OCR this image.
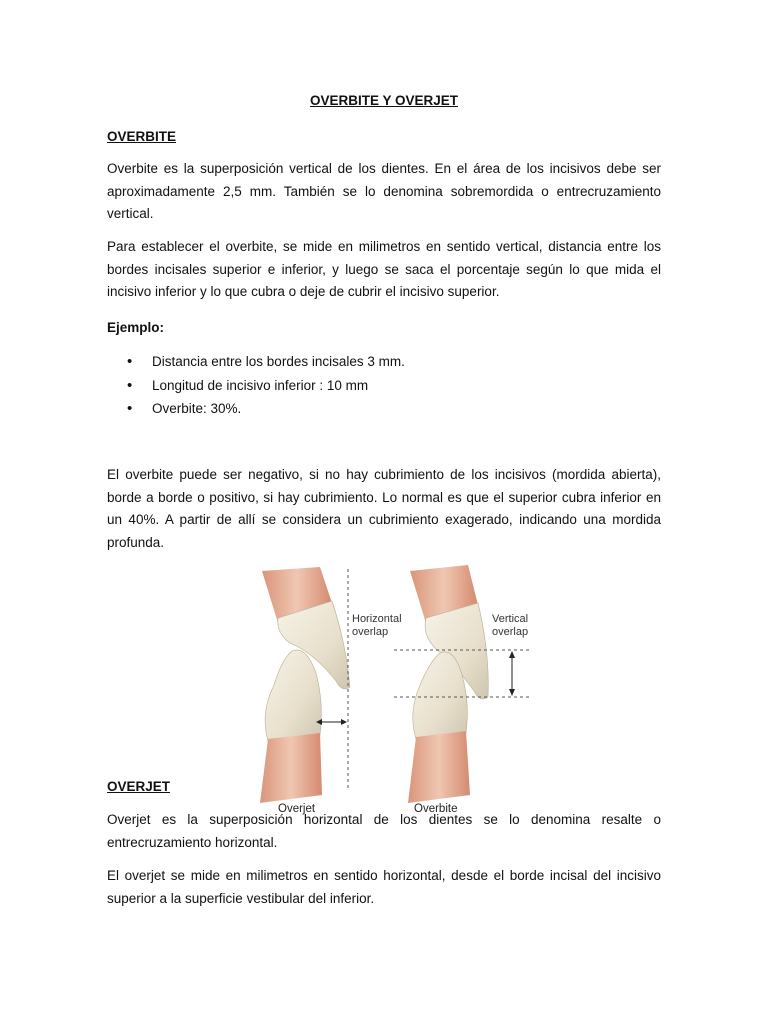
OVERBITE Y OVERJET
OVERBITE
Overbite es la superposición vertical de los dientes. En el área de los incisivos debe ser aproximadamente 2,5 mm. También se lo denomina sobremordida o entrecruzamiento vertical.
Para establecer el overbite, se mide en milimetros en sentido vertical, distancia entre los bordes incisales superior e inferior, y luego se saca el porcentaje según lo que mida el incisivo inferior y lo que cubra o deje de cubrir el incisivo superior.
Ejemplo:
• Distancia entre los bordes incisales 3 mm.
• Longitud de incisivo inferior : 10 mm
• Overbite: 30%.
El overbite puede ser negativo, si no hay cubrimiento de los incisivos (mordida abierta), borde a borde o positivo, si hay cubrimiento. Lo normal es que el superior cubra inferior en un 40%. A partir de allí se considera un cubrimiento exagerado, indicando una mordida profunda.
Horizontal
overlap
Overjet
Vertical
overlap
Overbite
OVERJET
Overjet es la superposición horizontal de los dientes se lo denomina resalte o entrecruzamiento horizontal.
El overjet se mide en milimetros en sentido horizontal, desde el borde incisal del incisivo superior a la superficie vestibular del inferior.
